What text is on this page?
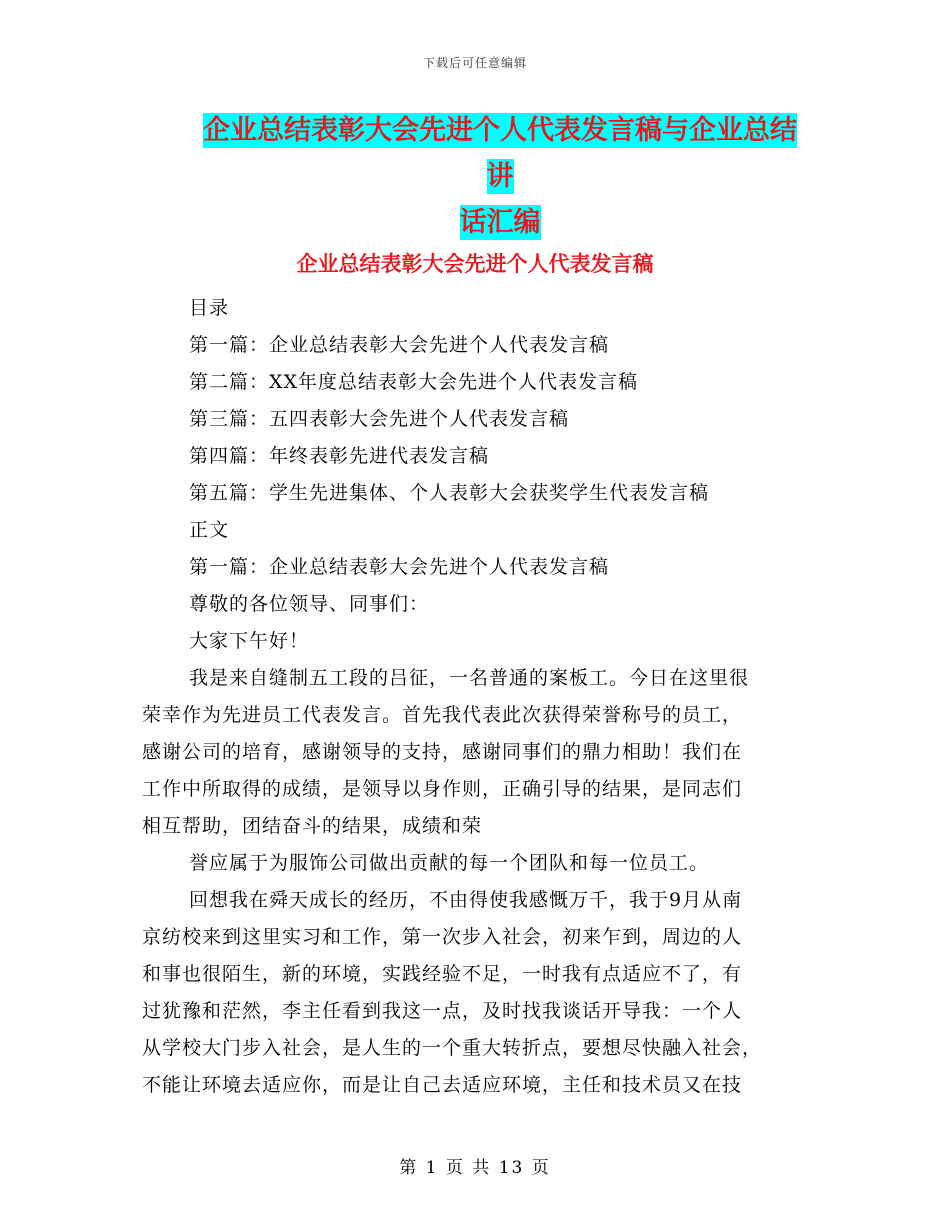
下载后可任意编辑
企业总结表彰大会先进个人代表发言稿与企业总结讲
话汇编
企业总结表彰大会先进个人代表发言稿
目录
第一篇：企业总结表彰大会先进个人代表发言稿
第二篇：XX年度总结表彰大会先进个人代表发言稿
第三篇：五四表彰大会先进个人代表发言稿
第四篇：年终表彰先进代表发言稿
第五篇：学生先进集体、个人表彰大会获奖学生代表发言稿
正文
第一篇：企业总结表彰大会先进个人代表发言稿
尊敬的各位领导、同事们：
大家下午好！
我是来自缝制五工段的吕征，一名普通的案板工。今日在这里很
荣幸作为先进员工代表发言。首先我代表此次获得荣誉称号的员工，
感谢公司的培育，感谢领导的支持，感谢同事们的鼎力相助！我们在
工作中所取得的成绩，是领导以身作则，正确引导的结果，是同志们
相互帮助，团结奋斗的结果，成绩和荣
誉应属于为服饰公司做出贡献的每一个团队和每一位员工。
回想我在舜天成长的经历，不由得使我感慨万千，我于9月从南
京纺校来到这里实习和工作，第一次步入社会，初来乍到，周边的人
和事也很陌生，新的环境，实践经验不足，一时我有点适应不了，有
过犹豫和茫然，李主任看到我这一点，及时找我谈话开导我：一个人
从学校大门步入社会，是人生的一个重大转折点，要想尽快融入社会，
不能让环境去适应你，而是让自己去适应环境，主任和技术员又在技
第 1 页 共 13 页
